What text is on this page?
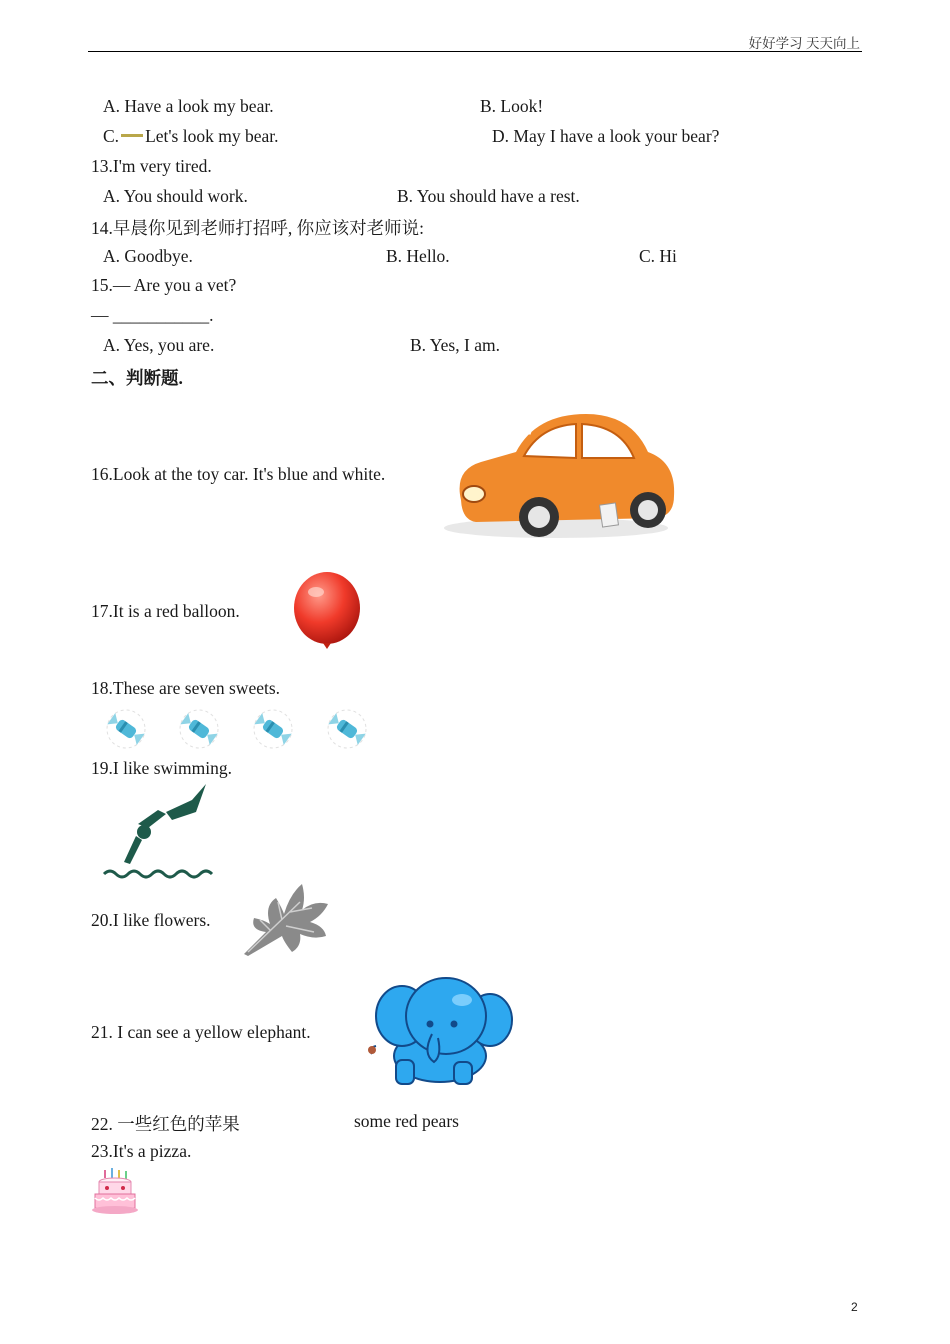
好好学习 天天向上
A. Have a look my bear.	B. Look!
C. Let's look my bear.	D. May I have a look your bear?
13.I'm very tired.
A. You should work.	B. You should have a rest.
14.早晨你见到老师打招呼, 你应该对老师说:
A. Goodbye.	B. Hello.	C. Hi
15.— Are you a vet?
— ___________.
A. Yes, you are.	B. Yes, I am.
二、判断题.
16.Look at the toy car. It's blue and white.
17.It is a red balloon.
18.These are seven sweets.
19.I like swimming.
20.I like flowers.
21. I can see a yellow elephant.
22. 一些红色的苹果	some red pears
23.It's a pizza.
2
